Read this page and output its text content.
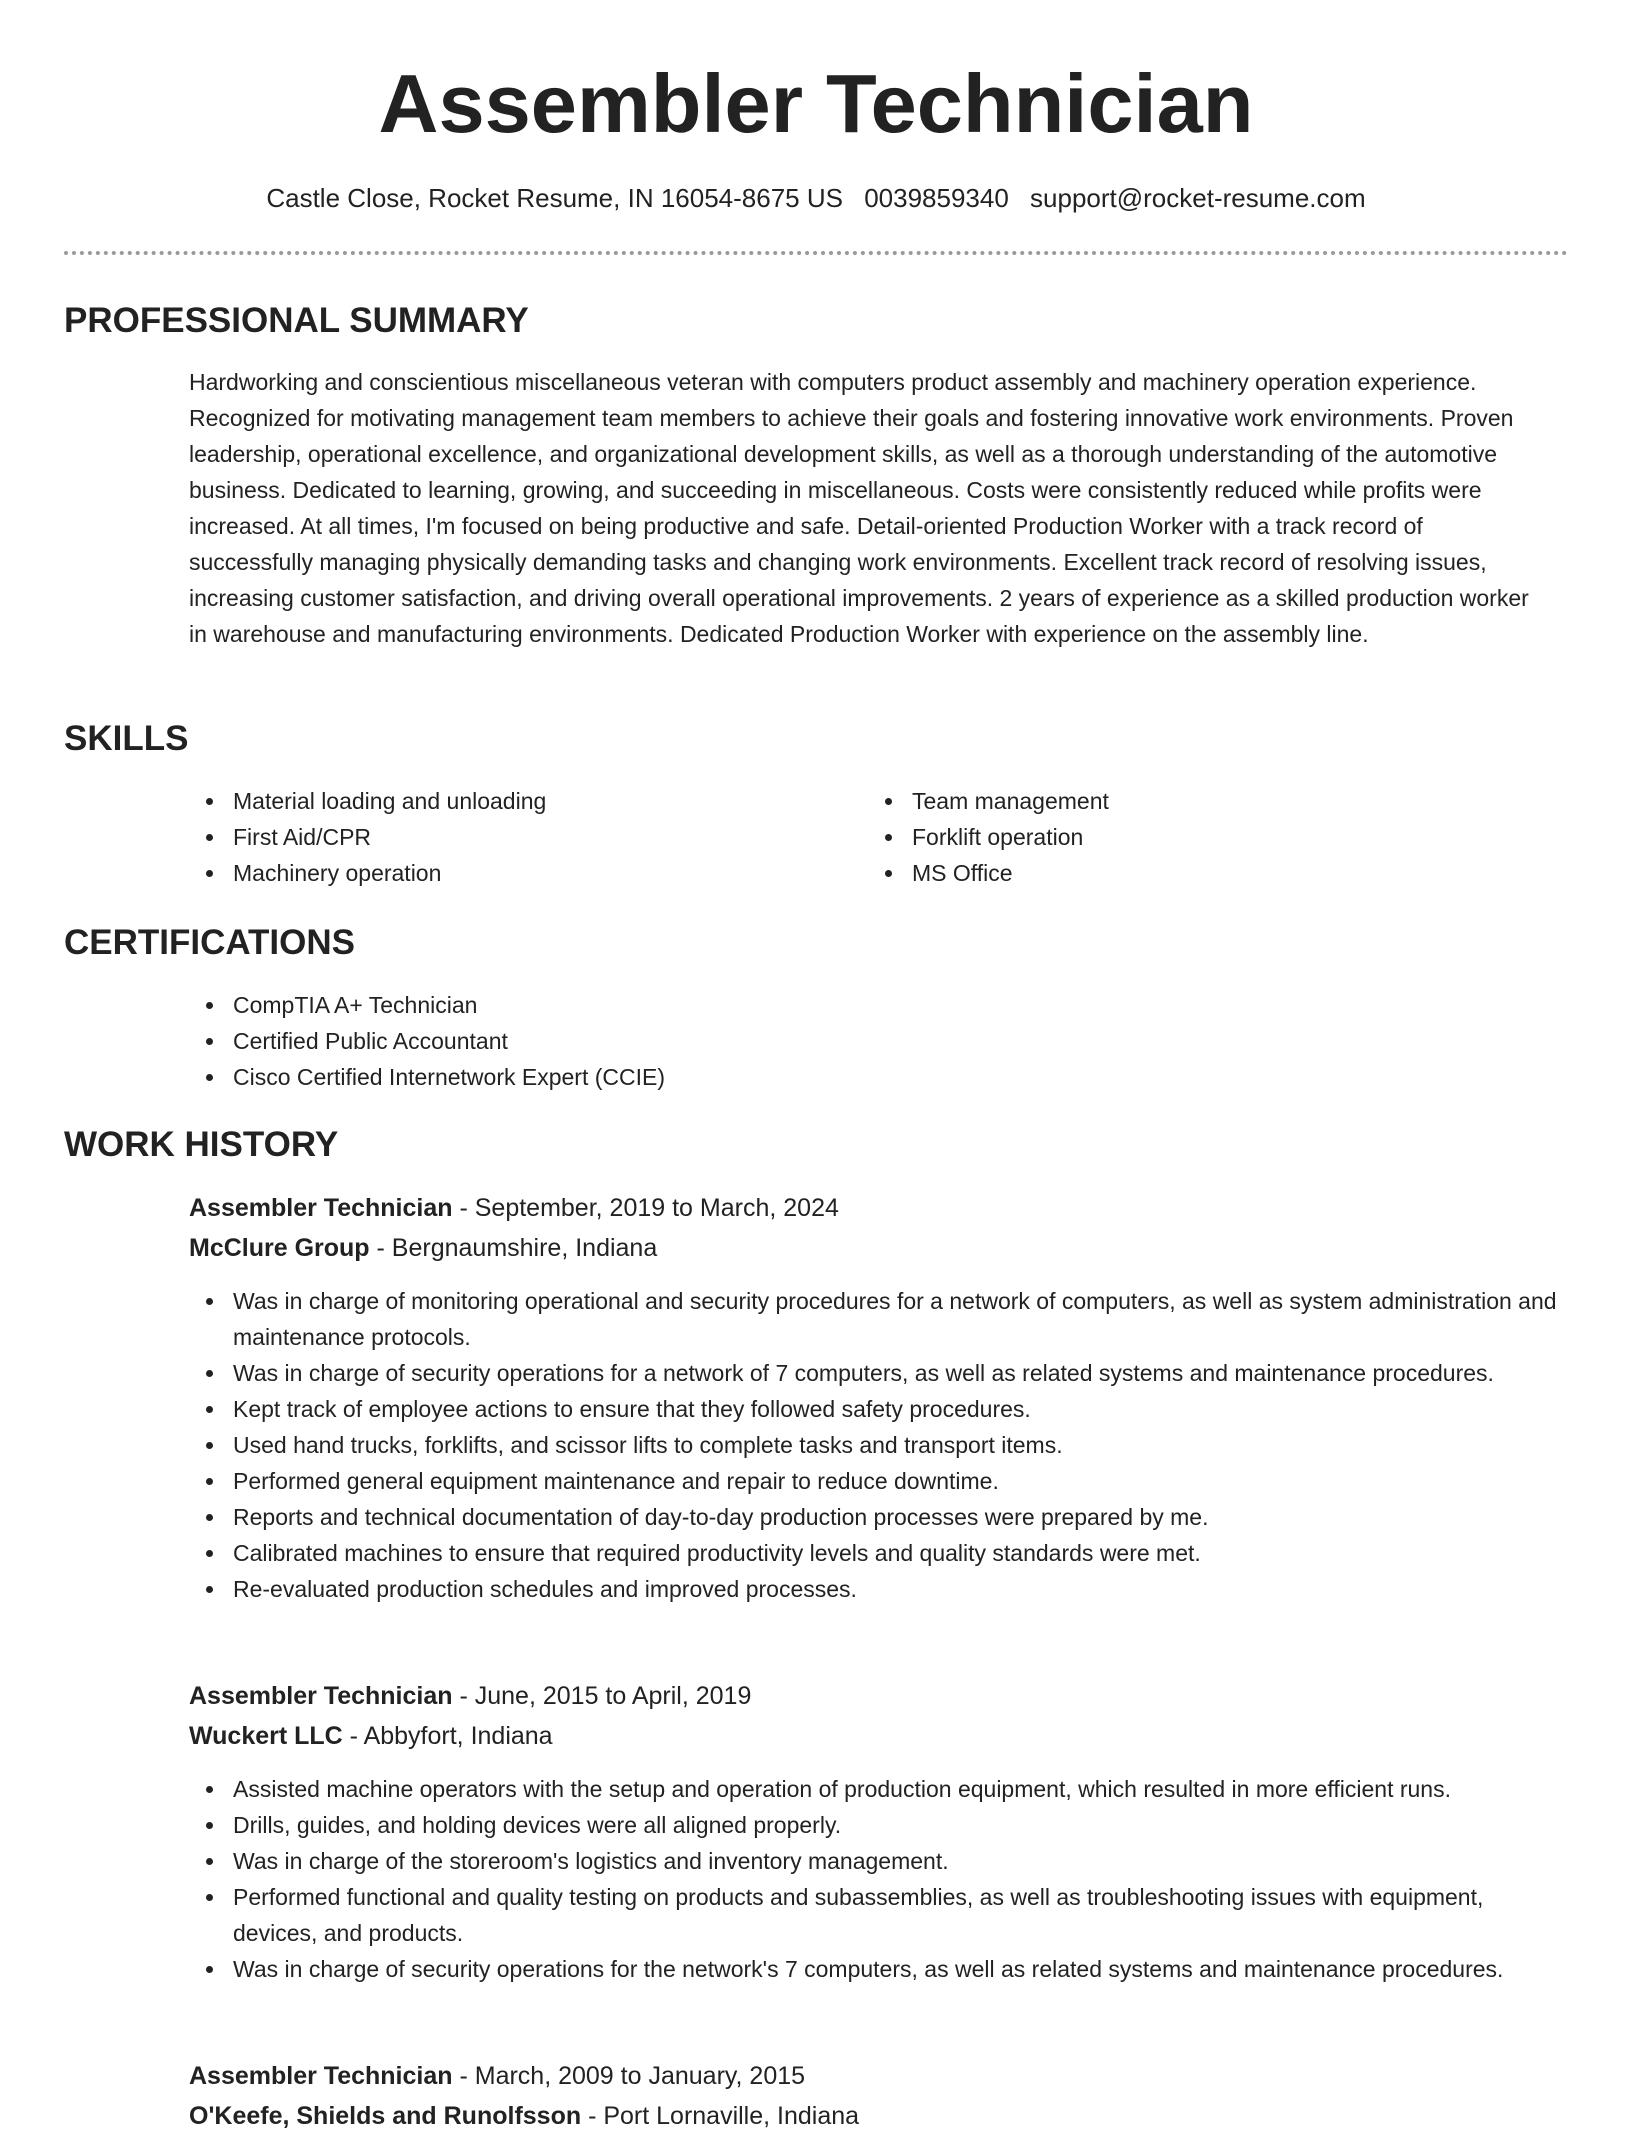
Assembler Technician
Castle Close, Rocket Resume, IN 16054-8675 US 0039859340 support@rocket-resume.com
PROFESSIONAL SUMMARY

Hardworking and conscientious miscellaneous veteran with computers product assembly and machinery operation experience. Recognized for motivating management team members to achieve their goals and fostering innovative work environments. Proven leadership, operational excellence, and organizational development skills, as well as a thorough understanding of the automotive business. Dedicated to learning, growing, and succeeding in miscellaneous. Costs were consistently reduced while profits were increased. At all times, I'm focused on being productive and safe. Detail-oriented Production Worker with a track record of successfully managing physically demanding tasks and changing work environments. Excellent track record of resolving issues, increasing customer satisfaction, and driving overall operational improvements. 2 years of experience as a skilled production worker in warehouse and manufacturing environments. Dedicated Production Worker with experience on the assembly line.

SKILLS
Material loading and unloading
First Aid/CPR
Machinery operation
Team management
Forklift operation
MS Office
CERTIFICATIONS
CompTIA A+ Technician
Certified Public Accountant
Cisco Certified Internetwork Expert (CCIE)
WORK HISTORY
Assembler Technician - September, 2019 to March, 2024
McClure Group - Bergnaumshire, Indiana
Was in charge of monitoring operational and security procedures for a network of computers, as well as system administration and maintenance protocols.
Was in charge of security operations for a network of 7 computers, as well as related systems and maintenance procedures.
Kept track of employee actions to ensure that they followed safety procedures.
Used hand trucks, forklifts, and scissor lifts to complete tasks and transport items.
Performed general equipment maintenance and repair to reduce downtime.
Reports and technical documentation of day-to-day production processes were prepared by me.
Calibrated machines to ensure that required productivity levels and quality standards were met.
Re-evaluated production schedules and improved processes.
Assembler Technician - June, 2015 to April, 2019
Wuckert LLC - Abbyfort, Indiana
Assisted machine operators with the setup and operation of production equipment, which resulted in more efficient runs.
Drills, guides, and holding devices were all aligned properly.
Was in charge of the storeroom's logistics and inventory management.
Performed functional and quality testing on products and subassemblies, as well as troubleshooting issues with equipment, devices, and products.
Was in charge of security operations for the network's 7 computers, as well as related systems and maintenance procedures.
Assembler Technician - March, 2009 to January, 2015
O'Keefe, Shields and Runolfsson - Port Lornaville, Indiana
